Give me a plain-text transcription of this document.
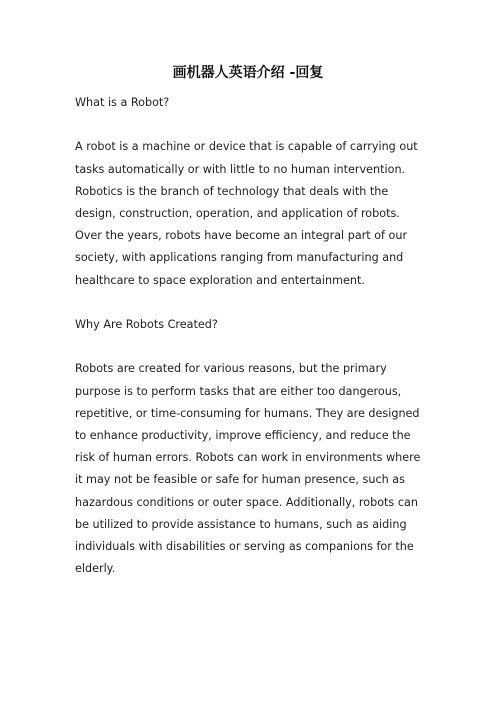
画机器人英语介绍 -回复

What is a Robot?

A robot is a machine or device that is capable of carrying out tasks automatically or with little to no human intervention. Robotics is the branch of technology that deals with the design, construction, operation, and application of robots. Over the years, robots have become an integral part of our society, with applications ranging from manufacturing and healthcare to space exploration and entertainment.

Why Are Robots Created?

Robots are created for various reasons, but the primary purpose is to perform tasks that are either too dangerous, repetitive, or time-consuming for humans. They are designed to enhance productivity, improve efficiency, and reduce the risk of human errors. Robots can work in environments where it may not be feasible or safe for human presence, such as hazardous conditions or outer space. Additionally, robots can be utilized to provide assistance to humans, such as aiding individuals with disabilities or serving as companions for the elderly.
